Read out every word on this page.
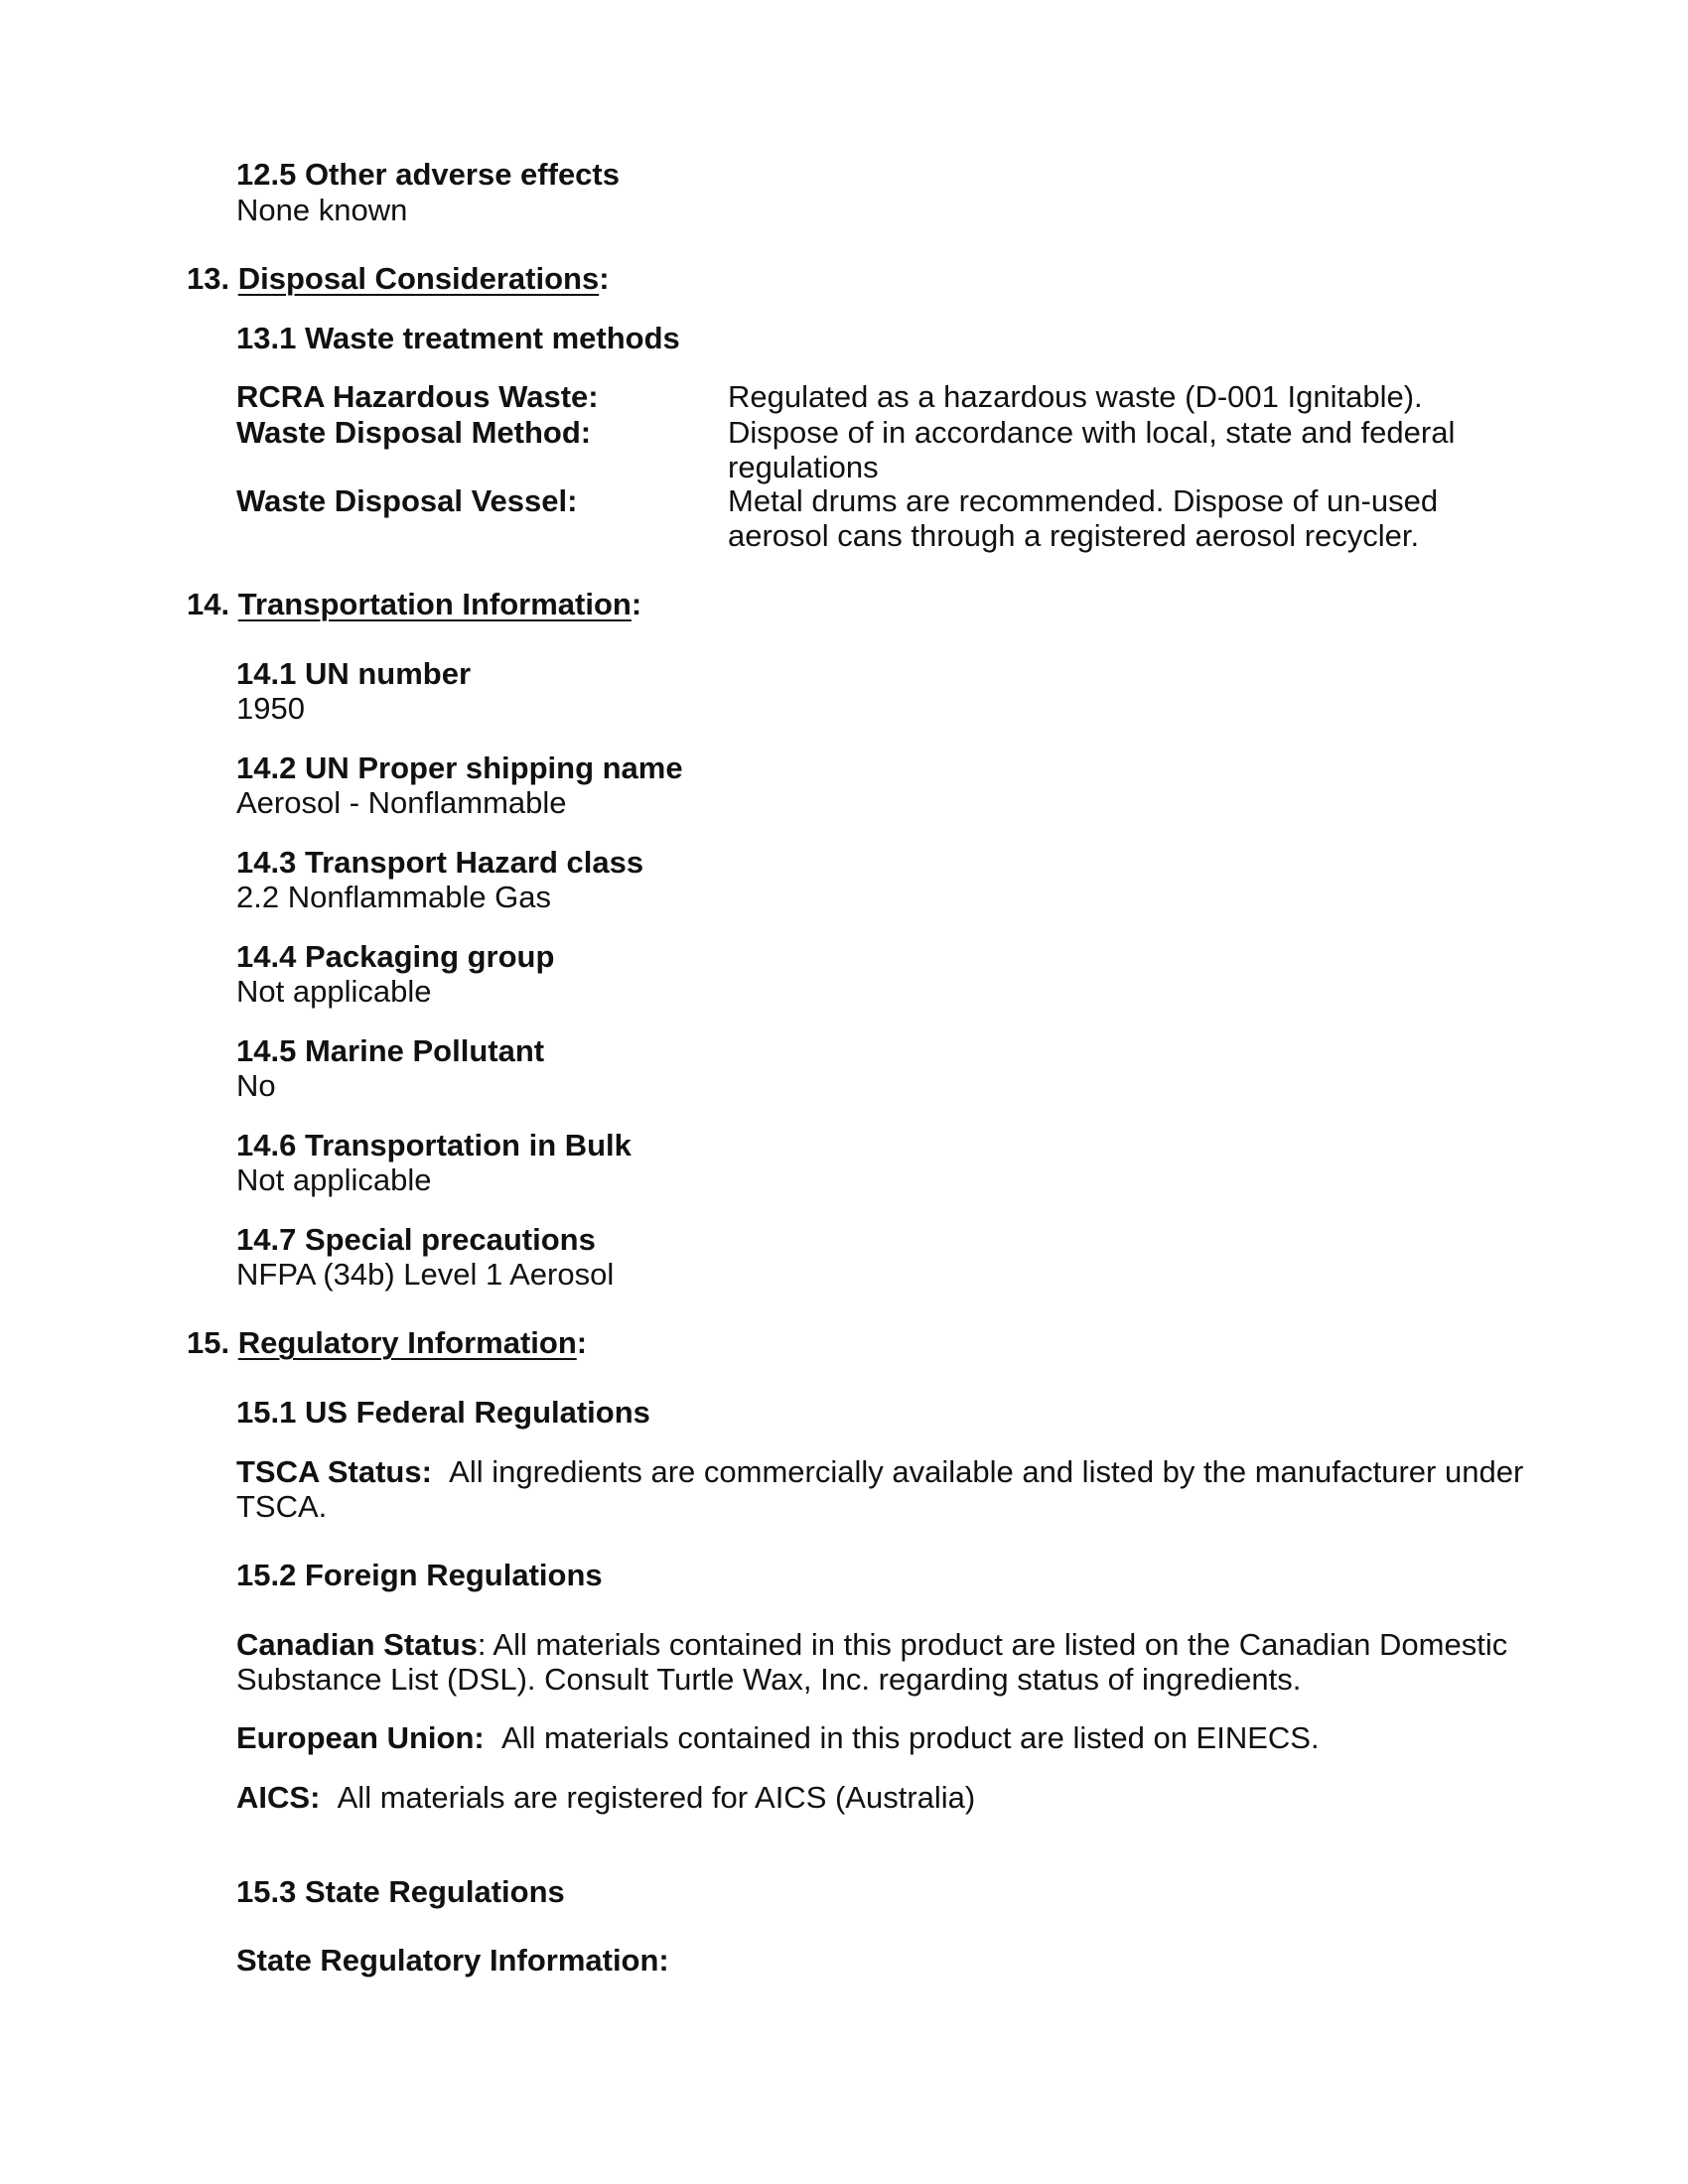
12.5 Other adverse effects
None known
13. Disposal Considerations:
13.1 Waste treatment methods
RCRA Hazardous Waste:	Regulated as a hazardous waste (D-001 Ignitable).
Waste Disposal Method:	Dispose of in accordance with local, state and federal
regulations
Waste Disposal Vessel:	Metal drums are recommended. Dispose of un-used
aerosol cans through a registered aerosol recycler.
14. Transportation Information:
14.1 UN number
1950
14.2 UN Proper shipping name
Aerosol - Nonflammable
14.3 Transport Hazard class
2.2 Nonflammable Gas
14.4 Packaging group
Not applicable
14.5 Marine Pollutant
No
14.6 Transportation in Bulk
Not applicable
14.7 Special precautions
NFPA (34b) Level 1 Aerosol
15. Regulatory Information:
15.1 US Federal Regulations
TSCA Status: All ingredients are commercially available and listed by the manufacturer under
TSCA.
15.2 Foreign Regulations
Canadian Status: All materials contained in this product are listed on the Canadian Domestic
Substance List (DSL). Consult Turtle Wax, Inc. regarding status of ingredients.
European Union: All materials contained in this product are listed on EINECS.
AICS: All materials are registered for AICS (Australia)
15.3 State Regulations
State Regulatory Information:
